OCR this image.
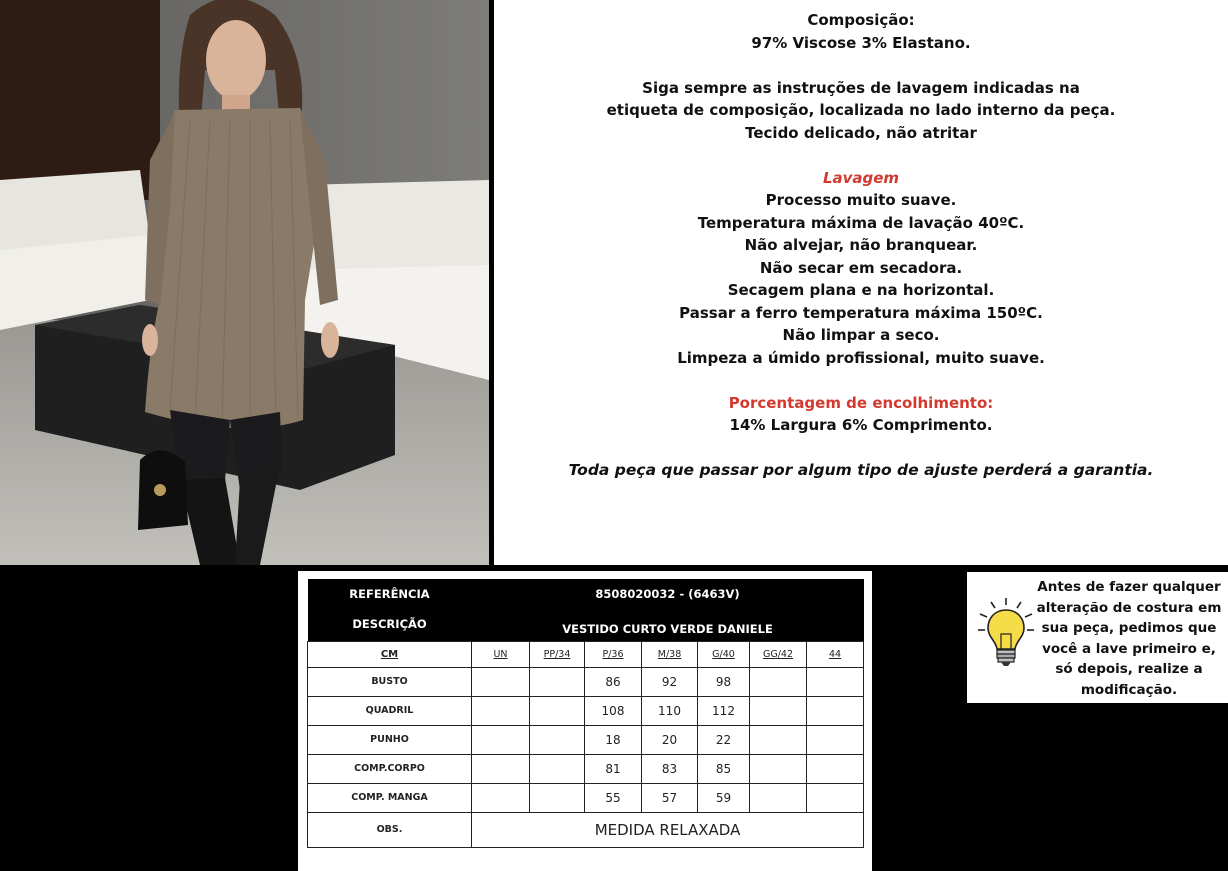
Composição:
97% Viscose 3% Elastano.
Siga sempre as instruções de lavagem indicadas na
etiqueta de composição, localizada no lado interno da peça.
Tecido delicado, não atritar
Lavagem
Processo muito suave.
Temperatura máxima de lavação 40ºC.
Não alvejar, não branquear.
Não secar em secadora.
Secagem plana e na horizontal.
Passar a ferro temperatura máxima 150ºC.
Não limpar a seco.
Limpeza a úmido profissional, muito suave.
Porcentagem de encolhimento:
14% Largura 6% Comprimento.
Toda peça que passar por algum tipo de ajuste perderá a garantia.
REFERÊNCIA	8508020032 - (6463V)						
DESCRIÇÃO	VESTIDO CURTO VERDE DANIELE						
CM	UN	PP/34	P/36	M/38	G/40	GG/42	44
BUSTO			86	92	98		
QUADRIL			108	110	112		
PUNHO			18	20	22		
COMP.CORPO			81	83	85		
COMP. MANGA			55	57	59		
OBS.	MEDIDA RELAXADA						
Antes de fazer qualquer alteração de costura em sua peça, pedimos que você a lave primeiro e, só depois, realize a modificação.
